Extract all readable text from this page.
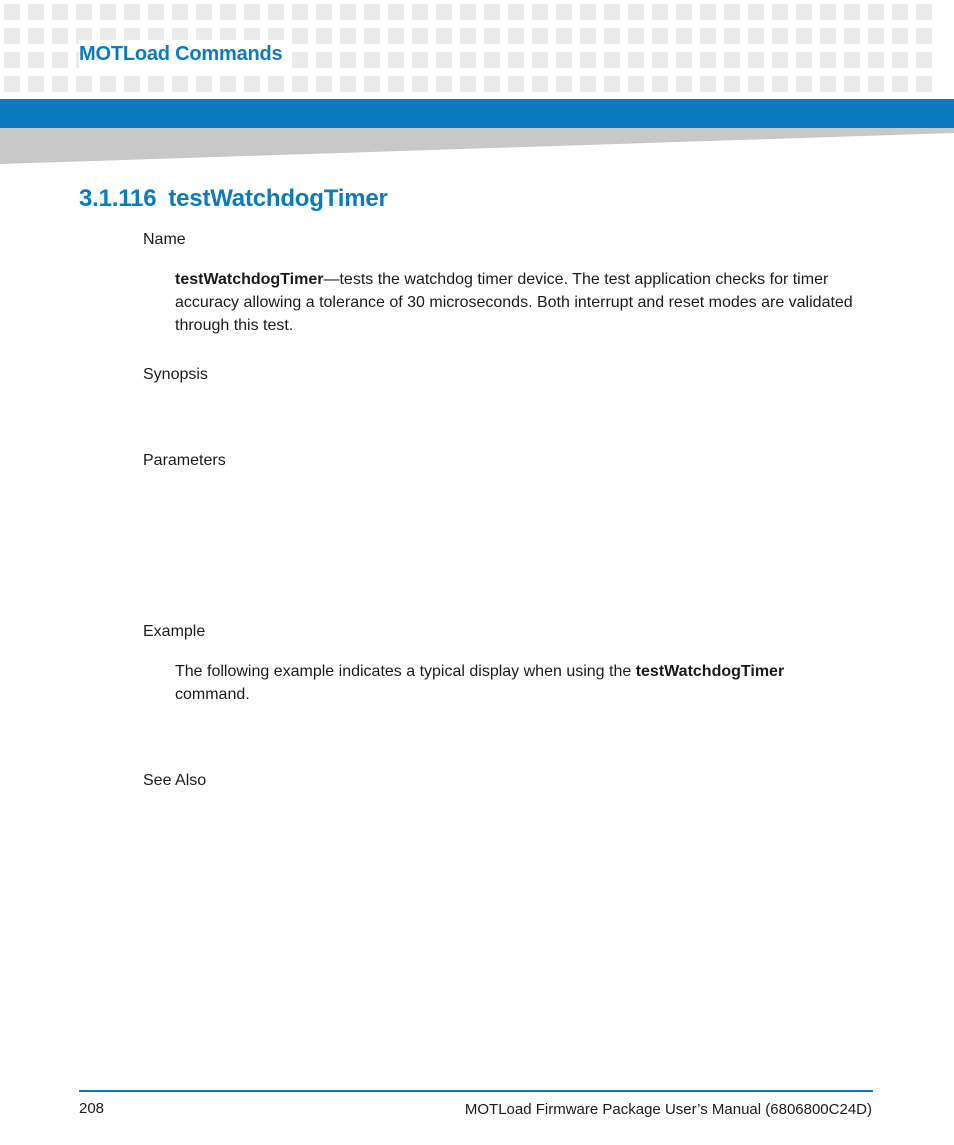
MOTLoad Commands
3.1.116 testWatchdogTimer
Name
testWatchdogTimer—tests the watchdog timer device. The test application checks for timer accuracy allowing a tolerance of 30 microseconds. Both interrupt and reset modes are validated through this test.
Synopsis
Parameters
Example
The following example indicates a typical display when using the testWatchdogTimer command.
See Also
208	MOTLoad Firmware Package User’s Manual (6806800C24D)
